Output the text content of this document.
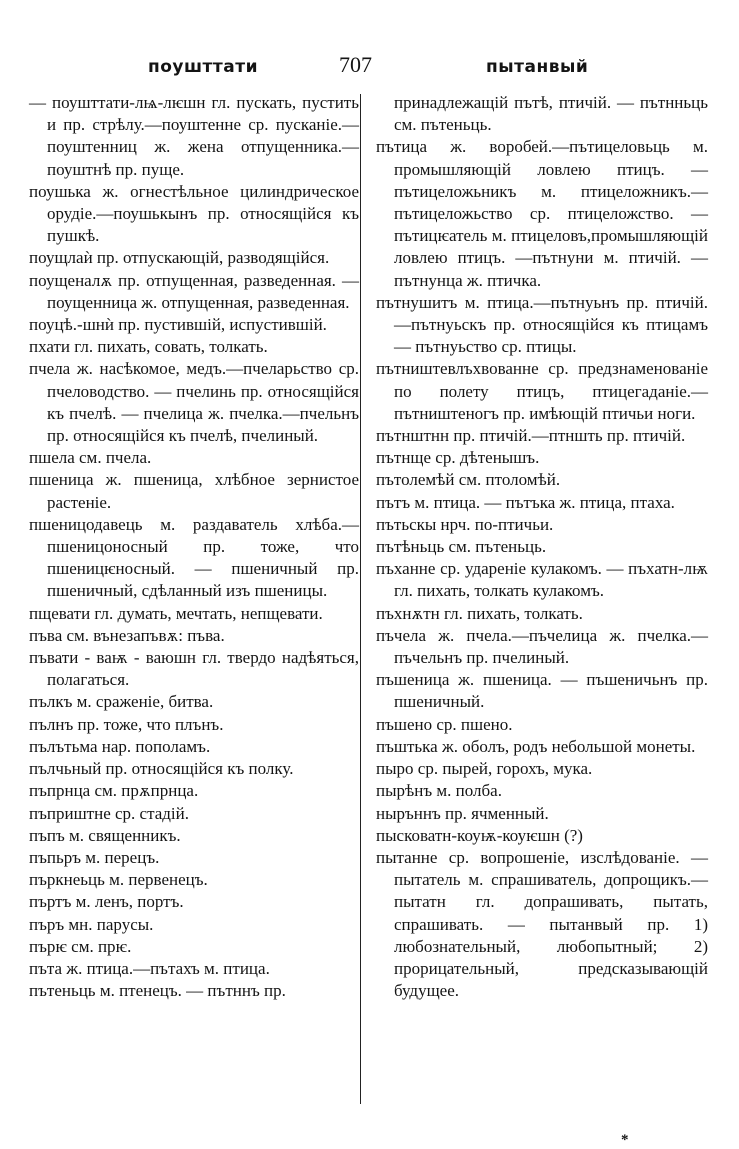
поушттати	707	пытанвый

— поушттати-лѩ-лѥшн гл. пускать, пустить и пр. стрѣлу.—поуштенне ср. пусканіе.—поуштенниц ж. жена отпущенника.—поуштнѣ пр. пуще.

поушька ж. огнестѣльное цилиндрическое орудіе.—поушькынъ пр. относящійся къ пушкѣ.

поущлаѝ пр. отпускающій, разводящійся.

поущеналѫ пр. отпущенная, разведенная. — поущенница ж. отпущенная, разведенная.

поуцѣ.-шнѝ пр. пустившій, испустившій.

пхати гл. пихать, совать, толкать.

пчела ж. насѣкомое, медъ.—пчеларьство ср. пчеловодство. — пчелинь пр. относящійся къ пчелѣ. — пчелица ж. пчелка.—пчельнъ пр. относящійся къ пчелѣ, пчелиный.

пшела см. пчела.

пшеница ж. пшеница, хлѣбное зернистое растеніе.

пшеницодавець м. раздаватель хлѣба.—пшеницоносный пр. тоже, что пшеницѥносный. — пшеничный пр. пшеничный, сдѣланный изъ пшеницы.

пщевати гл. думать, мечтать, непщевати.

пъва см. вънезапъвѫ: пъва.

пъвати - ваѭ - ваюшн гл. твердо надѣяться, полагаться.

пълкъ м. сраженіе, битва.

пълнъ пр. тоже, что плънъ.

пълътьма нар. пополамъ.

пълчьный пр. относящійся къ полку.

пъпрнца см. прѫпрнца.

пъприштне ср. стадій.

пъпъ м. священникъ.

пъпьръ м. перецъ.

пъркнеьць м. первенецъ.

пъртъ м. ленъ, портъ.

пъръ мн. парусы.

пърѥ см. прѥ.

пъта ж. птица.—пътахъ м. птица.

пътеньць м. птенецъ. — пътннъ пр.

принадлежащій пътѣ, птичій. — пътнньць см. пътеньць.

пътица ж. воробей.—пътицеловьць м. промышляющій ловлею птицъ. — пътицеложьникъ м. птицеложникъ.—пътицеложьство ср. птицеложство. — пътицѥатель м. птицеловъ,промышляющій ловлею птицъ. —пътнуни м. птичій. — пътнунца ж. птичка.

пътнушитъ м. птица.—пътнуьнъ пр. птичій.—пътнуьскъ пр. относящійся къ птицамъ — пътнуьство ср. птицы.

пътништевлъхвованне ср. предзнаменованіе по полету птицъ, птицегаданіе.—пътништеногъ пр. имѣющій птичьи ноги.

пътнштнн пр. птичій.—птншть пр. птичій.

пътнще ср. дѣтенышъ.

пътолемѣй см. птоломѣй.

пътъ м. птица. — пътъка ж. птица, птаха.

пътьскы нрч. по-птичьи.

пътѣньць см. пътеньць.

пъханне ср. удареніе кулакомъ. — пъхатн-лѭ гл. пихать, толкать кулакомъ.

пъхнѫтн гл. пихать, толкать.

пъчела ж. пчела.—пъчелица ж. пчелка.—пъчельнъ пр. пчелиный.

пъшеница ж. пшеница. — пъшеничьнъ пр. пшеничный.

пъшено ср. пшено.

пъштька ж. оболъ, родъ небольшой монеты.

пыро ср. пырей, горохъ, мука.

пырѣнъ м. полба.

ныръннъ пр. ячменный.

пысковатн-коуѭ-коуѥшн (?)

пытанне ср. вопрошеніе, изслѣдованіе. — пытатель м. спрашиватель, допрощикъ.—пытатн гл. допрашивать, пытать, спрашивать. — пытанвый пр. 1) любознательный, любопытный; 2) прорицательный, предсказывающій будущее.

*
